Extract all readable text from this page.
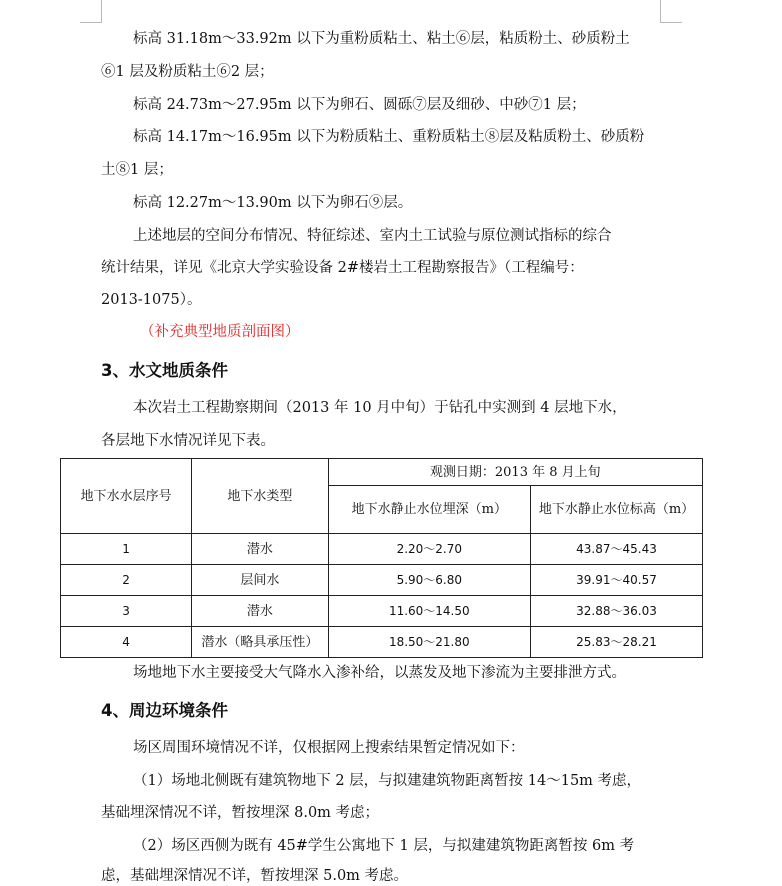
标高 31.18m～33.92m 以下为重粉质粘土、粘土⑥层，粘质粉土、砂质粉土
⑥1 层及粉质粘土⑥2 层；
标高 24.73m～27.95m 以下为卵石、圆砾⑦层及细砂、中砂⑦1 层；
标高 14.17m～16.95m 以下为粉质粘土、重粉质粘土⑧层及粘质粉土、砂质粉
土⑧1 层；
标高 12.27m～13.90m 以下为卵石⑨层。
上述地层的空间分布情况、特征综述、室内土工试验与原位测试指标的综合
统计结果，详见《北京大学实验设备 2#楼岩土工程勘察报告》（工程编号：
2013-1075）。
（补充典型地质剖面图）
3、水文地质条件
本次岩土工程勘察期间（2013 年 10 月中旬）于钻孔中实测到 4 层地下水，
各层地下水情况详见下表。
地下水水层序号	地下水类型	观测日期：2013 年 8 月上旬	
		地下水静止水位埋深（m）	地下水静止水位标高（m）
1	潜水	2.20～2.70	43.87～45.43
2	层间水	5.90～6.80	39.91～40.57
3	潜水	11.60～14.50	32.88～36.03
4	潜水（略具承压性）	18.50～21.80	25.83～28.21
场地地下水主要接受大气降水入渗补给，以蒸发及地下渗流为主要排泄方式。
4、周边环境条件
场区周围环境情况不详，仅根据网上搜索结果暂定情况如下：
（1）场地北侧既有建筑物地下 2 层，与拟建建筑物距离暂按 14～15m 考虑，
基础埋深情况不详，暂按埋深 8.0m 考虑；
（2）场区西侧为既有 45#学生公寓地下 1 层，与拟建建筑物距离暂按 6m 考
虑，基础埋深情况不详，暂按埋深 5.0m 考虑。
